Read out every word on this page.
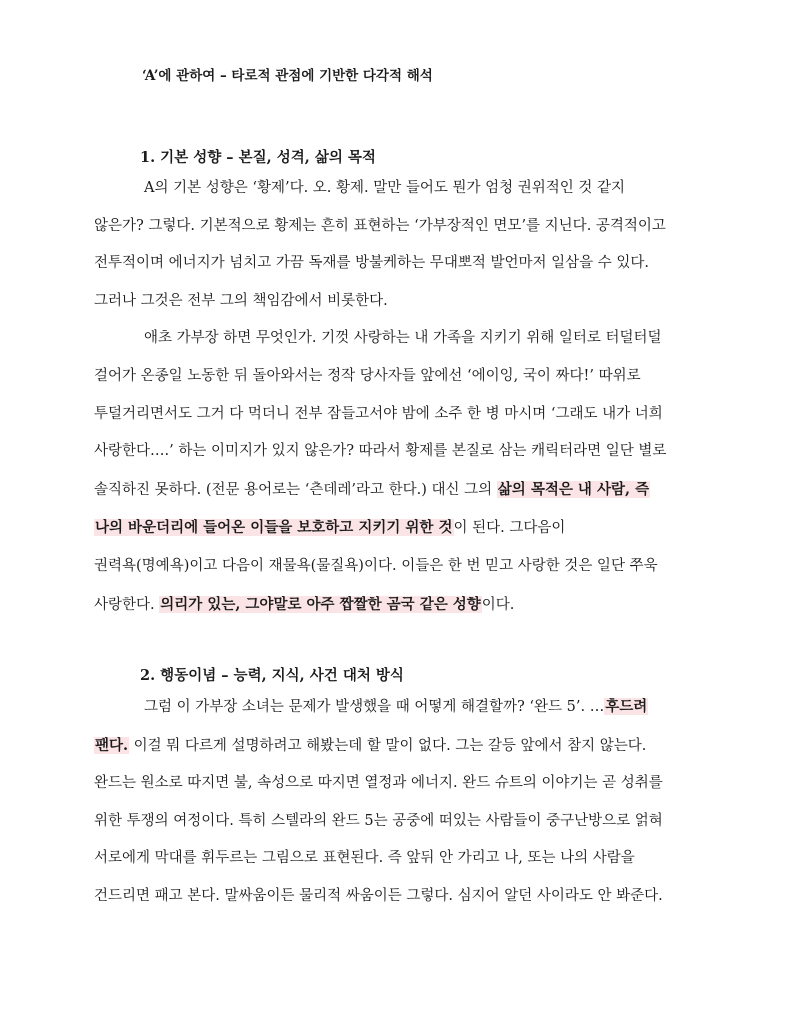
‘A’에 관하여 – 타로적 관점에 기반한 다각적 해석
1. 기본 성향 – 본질, 성격, 삶의 목적
A의 기본 성향은 ‘황제’다. 오. 황제. 말만 들어도 뭔가 엄청 권위적인 것 같지
않은가? 그렇다. 기본적으로 황제는 흔히 표현하는 ‘가부장적인 면모’를 지닌다. 공격적이고
전투적이며 에너지가 넘치고 가끔 독재를 방불케하는 무대뽀적 발언마저 일삼을 수 있다.
그러나 그것은 전부 그의 책임감에서 비롯한다.
애초 가부장 하면 무엇인가. 기껏 사랑하는 내 가족을 지키기 위해 일터로 터덜터덜
걸어가 온종일 노동한 뒤 돌아와서는 정작 당사자들 앞에선 ‘에이잉, 국이 짜다!’ 따위로
투덜거리면서도 그거 다 먹더니 전부 잠들고서야 밤에 소주 한 병 마시며 ‘그래도 내가 너희
사랑한다….’ 하는 이미지가 있지 않은가? 따라서 황제를 본질로 삼는 캐릭터라면 일단 별로
솔직하진 못하다. (전문 용어로는 ‘츤데레’라고 한다.) 대신 그의 삶의 목적은 내 사람, 즉
나의 바운더리에 들어온 이들을 보호하고 지키기 위한 것이 된다. 그다음이
권력욕(명예욕)이고 다음이 재물욕(물질욕)이다. 이들은 한 번 믿고 사랑한 것은 일단 쭈욱
사랑한다. 의리가 있는, 그야말로 아주 짭짤한 곰국 같은 성향이다.
2. 행동이념 – 능력, 지식, 사건 대처 방식
그럼 이 가부장 소녀는 문제가 발생했을 때 어떻게 해결할까? ‘완드 5’. …후드려
팬다. 이걸 뭐 다르게 설명하려고 해봤는데 할 말이 없다. 그는 갈등 앞에서 참지 않는다.
완드는 원소로 따지면 불, 속성으로 따지면 열정과 에너지. 완드 슈트의 이야기는 곧 성취를
위한 투쟁의 여정이다. 특히 스텔라의 완드 5는 공중에 떠있는 사람들이 중구난방으로 얽혀
서로에게 막대를 휘두르는 그림으로 표현된다. 즉 앞뒤 안 가리고 나, 또는 나의 사람을
건드리면 패고 본다. 말싸움이든 물리적 싸움이든 그렇다. 심지어 알던 사이라도 안 봐준다.
